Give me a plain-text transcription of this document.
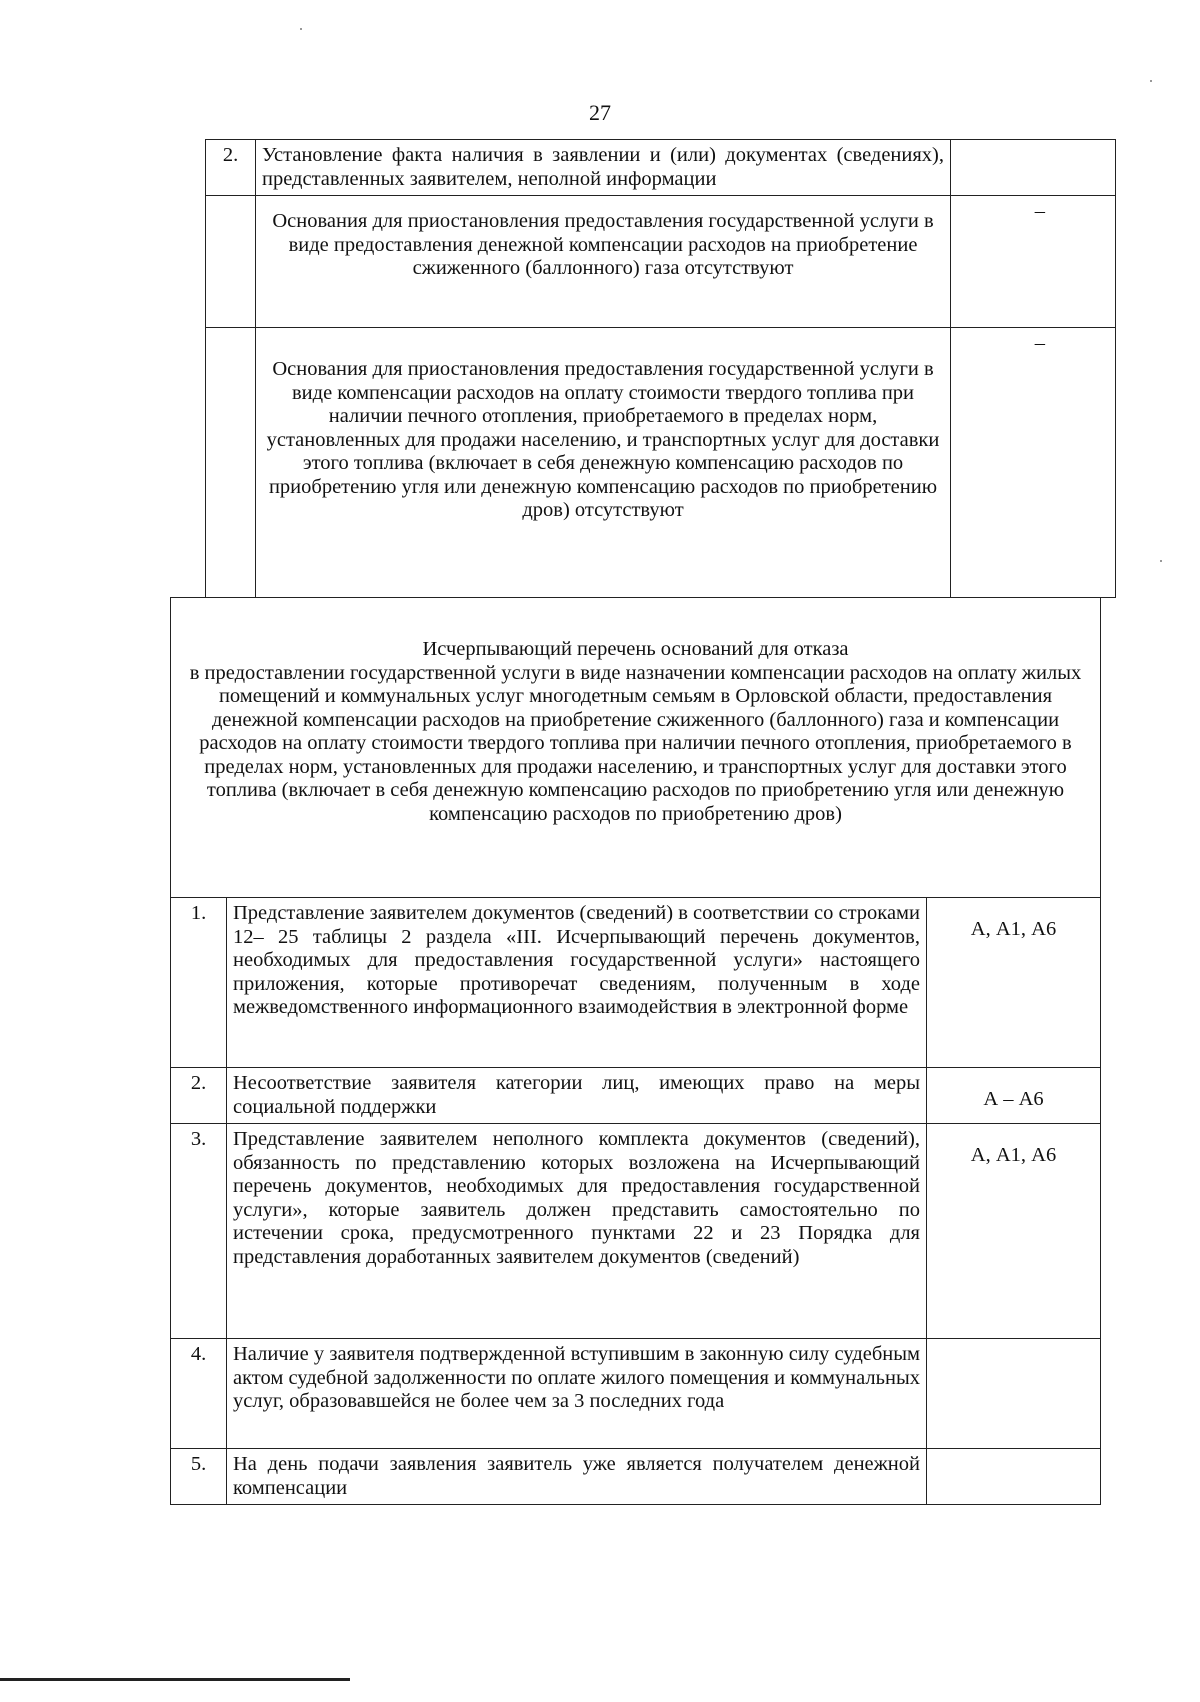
27
2.	Установление факта наличия в заявлении и (или) документах (сведениях), представленных заявителем, неполной информации	
	Основания для приостановления предоставления государственной услуги в виде предоставления денежной компенсации расходов на приобретение сжиженного (баллонного) газа отсутствуют	–
	Основания для приостановления предоставления государственной услуги в виде компенсации расходов на оплату стоимости твердого топлива при наличии печного отопления, приобретаемого в пределах норм, установленных для продажи населению, и транспортных услуг для доставки этого топлива (включает в себя денежную компенсацию расходов по приобретению угля или денежную компенсацию расходов по приобретению дров) отсутствуют	–
Исчерпывающий перечень оснований для отказа
в предоставлении государственной услуги в виде назначении компенсации расходов на оплату жилых помещений и коммунальных услуг многодетным семьям в Орловской области, предоставления денежной компенсации расходов на приобретение сжиженного (баллонного) газа и компенсации расходов на оплату стоимости твердого топлива при наличии печного отопления, приобретаемого в пределах норм, установленных для продажи населению, и транспортных услуг для доставки этого топлива (включает в себя денежную компенсацию расходов по приобретению угля или денежную компенсацию расходов по приобретению дров)		
1.	Представление заявителем документов (сведений) в соответствии со строками 12– 25 таблицы 2 раздела «III. Исчерпывающий перечень документов, необходимых для предоставления государственной услуги» настоящего приложения, которые противоречат сведениям, полученным в ходе межведомственного информационного взаимодействия в электронной форме	А, А1, А6
2.	Несоответствие заявителя категории лиц, имеющих право на меры социальной поддержки	А – А6
3.	Представление заявителем неполного комплекта документов (сведений), обязанность по представлению которых возложена на Исчерпывающий перечень документов, необходимых для предоставления государственной услуги», которые заявитель должен представить самостоятельно по истечении срока, предусмотренного пунктами 22 и 23 Порядка для представления доработанных заявителем документов (сведений)	А, А1, А6
4.	Наличие у заявителя подтвержденной вступившим в законную силу судебным актом судебной задолженности по оплате жилого помещения и коммунальных услуг, образовавшейся не более чем за 3 последних года	
5.	На день подачи заявления заявитель уже является получателем денежной компенсации	
